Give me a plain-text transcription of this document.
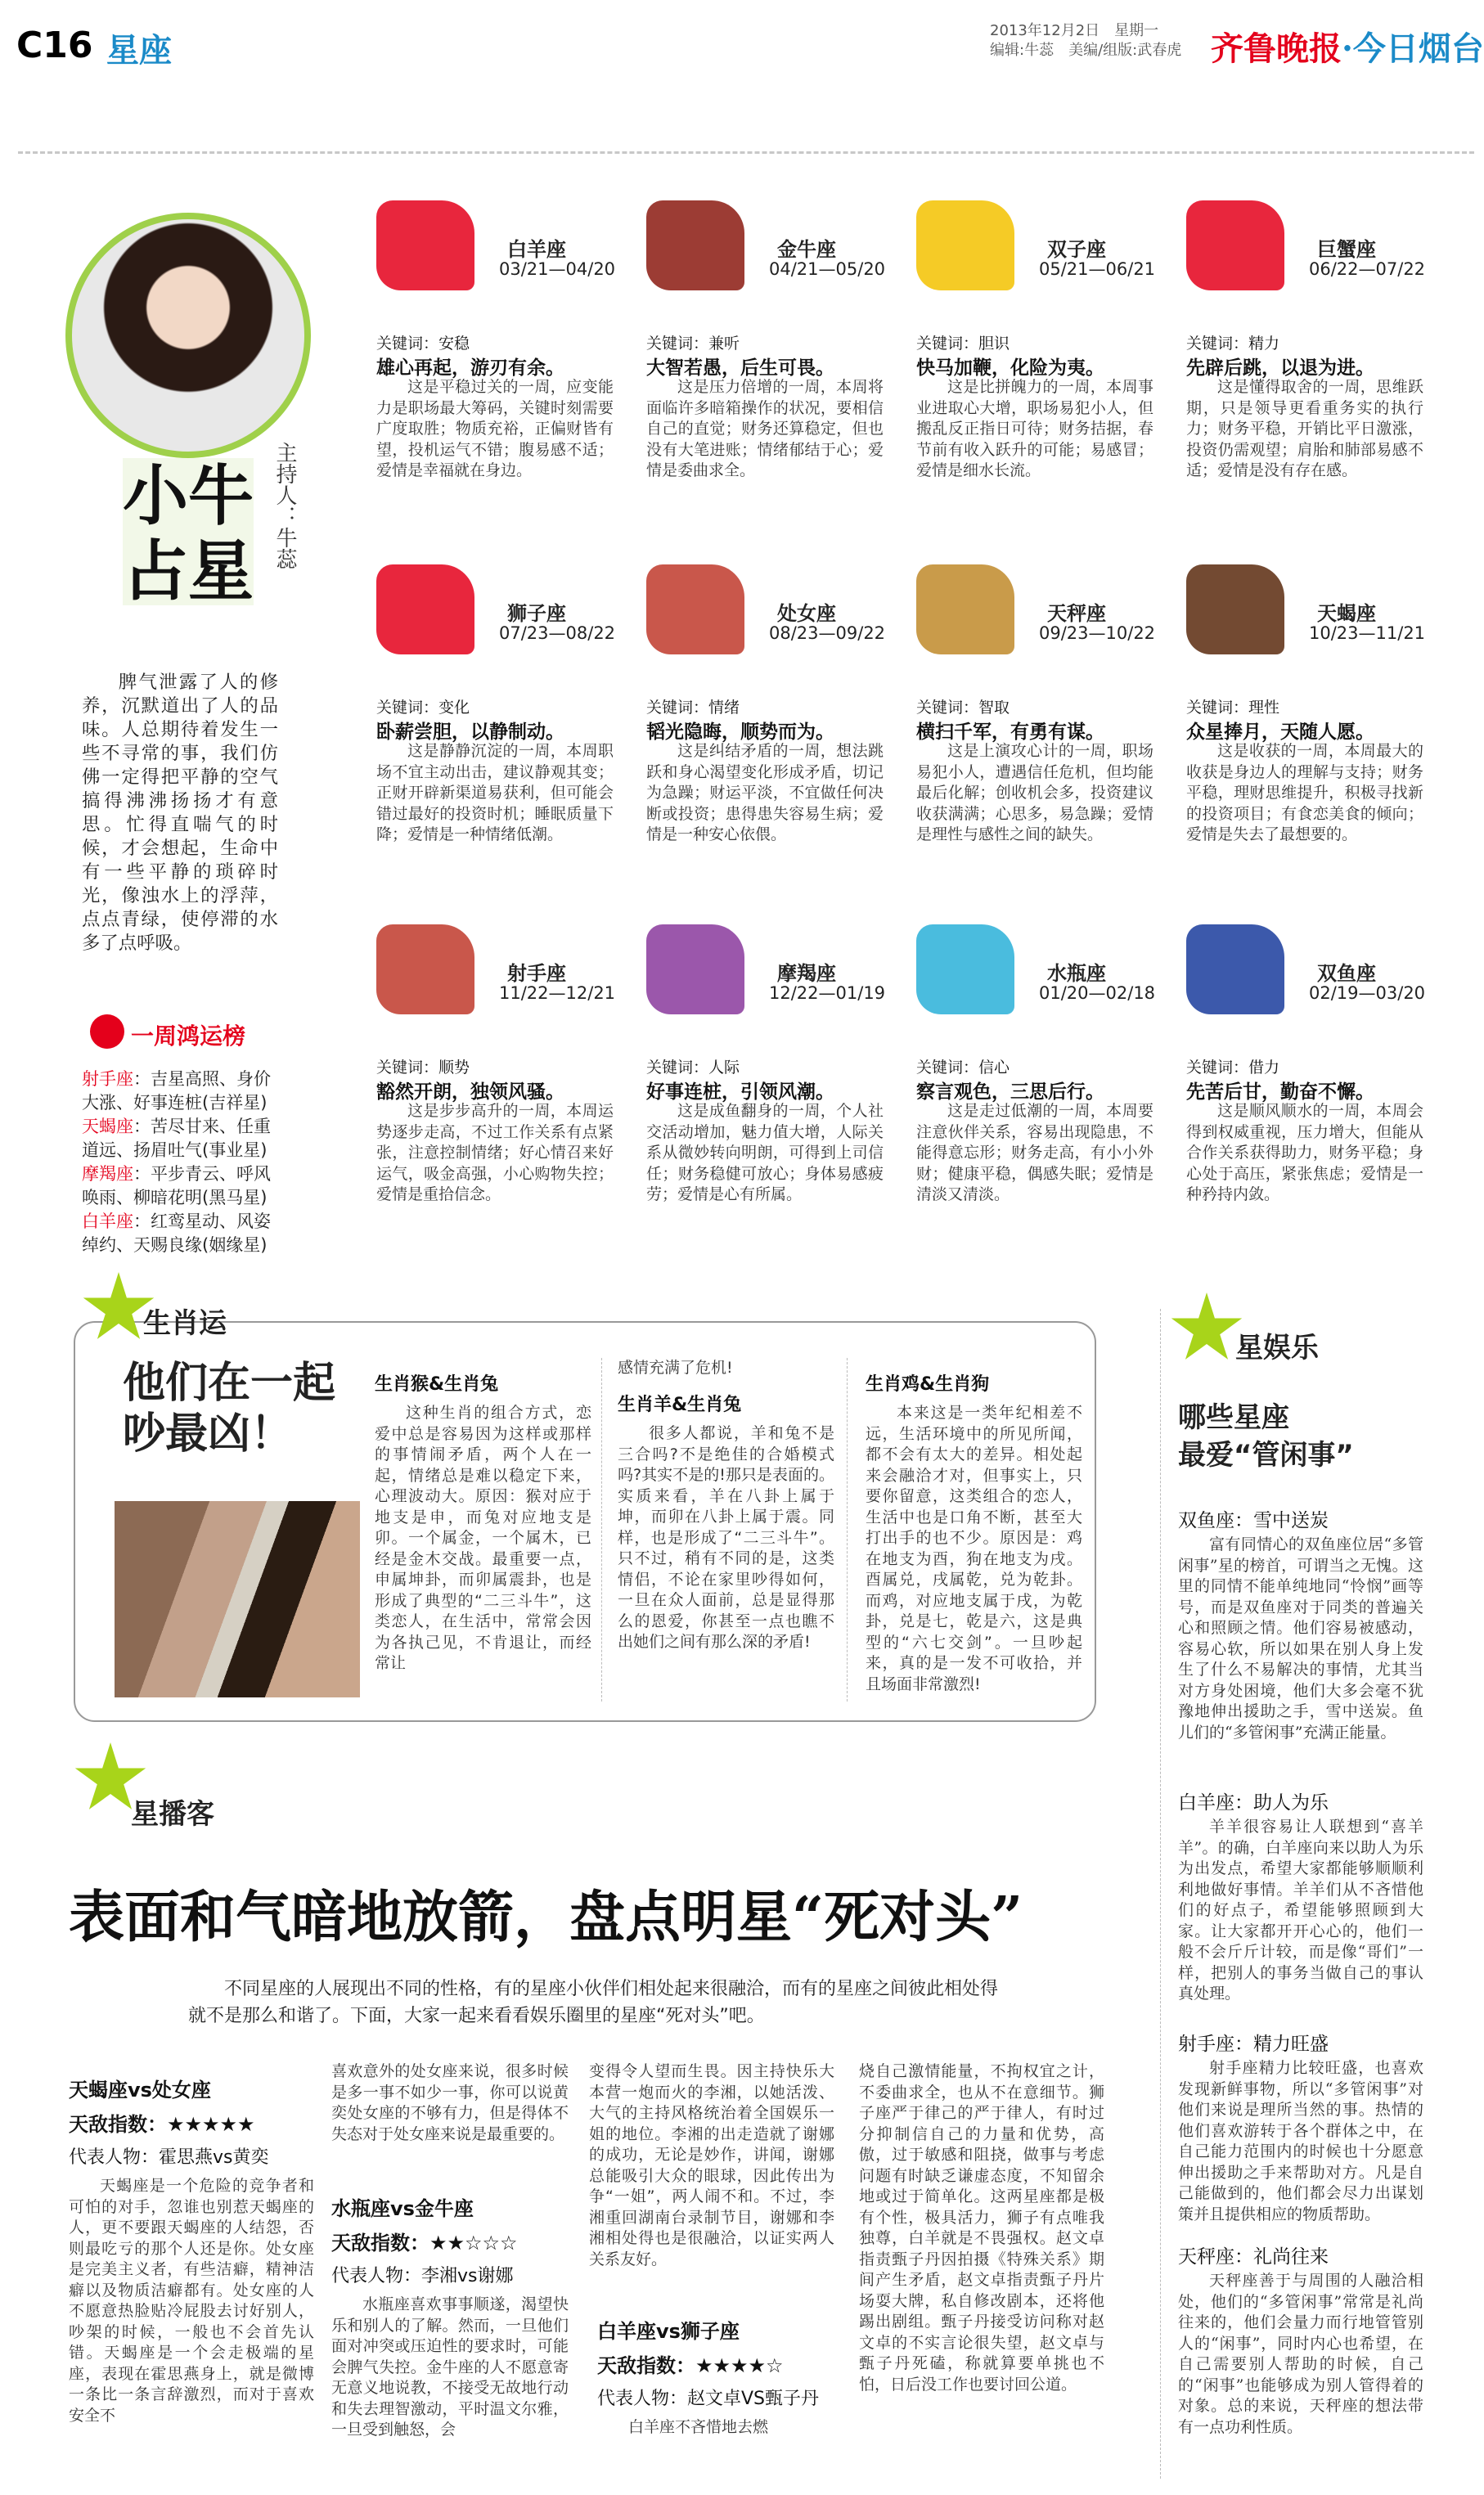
C16 星座
2013年12月2日　星期一
编辑:牛蕊　美编/组版:武春虎 齐鲁晚报·今日烟台
小牛
占星
主持人：牛蕊
脾气泄露了人的修养，沉默道出了人的品味。人总期待着发生一些不寻常的事，我们仿佛一定得把平静的空气搞得沸沸扬扬才有意思。忙得直喘气的时候，才会想起，生命中有一些平静的琐碎时光，像浊水上的浮萍，点点青绿，使停滞的水多了点呼吸。
一周鸿运榜
射手座：吉星高照、身价大涨、好事连桩(吉祥星)
天蝎座：苦尽甘来、任重道远、扬眉吐气(事业星)
摩羯座：平步青云、呼风唤雨、柳暗花明(黑马星)
白羊座：红鸾星动、风姿绰约、天赐良缘(姻缘星)
白羊座
03/21—04/20
关键词：安稳
雄心再起，游刃有余。
这是平稳过关的一周，应变能力是职场最大筹码，关键时刻需要广度取胜；物质充裕，正偏财皆有望，投机运气不错；腹易感不适；爱情是幸福就在身边。
金牛座
04/21—05/20
关键词：兼听
大智若愚，后生可畏。
这是压力倍增的一周，本周将面临许多暗箱操作的状况，要相信自己的直觉；财务还算稳定，但也没有大笔进账；情绪郁结于心；爱情是委曲求全。
双子座
05/21—06/21
关键词：胆识
快马加鞭，化险为夷。
这是比拼魄力的一周，本周事业进取心大增，职场易犯小人，但搬乱反正指日可待；财务拮据，春节前有收入跃升的可能；易感冒；爱情是细水长流。
巨蟹座
06/22—07/22
关键词：精力
先辟后跳，以退为进。
这是懂得取舍的一周，思维跃期，只是领导更看重务实的执行力；财务平稳，开销比平日激涨，投资仍需观望；肩胎和肺部易感不适；爱情是没有存在感。
狮子座
07/23—08/22
关键词：变化
卧薪尝胆，以静制动。
这是静静沉淀的一周，本周职场不宜主动出击，建议静观其变；正财开辟新渠道易获利，但可能会错过最好的投资时机；睡眠质量下降；爱情是一种情绪低潮。
处女座
08/23—09/22
关键词：情绪
韬光隐晦，顺势而为。
这是纠结矛盾的一周，想法跳跃和身心渴望变化形成矛盾，切记为急躁；财运平淡，不宜做任何决断或投资；患得患失容易生病；爱情是一种安心依偎。
天秤座
09/23—10/22
关键词：智取
横扫千军，有勇有谋。
这是上演攻心计的一周，职场易犯小人，遭遇信任危机，但均能最后化解；创收机会多，投资建议收获满满；心思多，易急躁；爱情是理性与感性之间的缺失。
天蝎座
10/23—11/21
关键词：理性
众星捧月，天随人愿。
这是收获的一周，本周最大的收获是身边人的理解与支持；财务平稳，理财思维提升，积极寻找新的投资项目；有食恋美食的倾向；爱情是失去了最想要的。
射手座
11/22—12/21
关键词：顺势
豁然开朗，独领风骚。
这是步步高升的一周，本周运势逐步走高，不过工作关系有点紧张，注意控制情绪；好心情召来好运气，吸金高强，小心购物失控；爱情是重拾信念。
摩羯座
12/22—01/19
关键词：人际
好事连桩，引领风潮。
这是成鱼翻身的一周，个人社交活动增加，魅力值大增，人际关系从微妙转向明朗，可得到上司信任；财务稳健可放心；身体易感疲劳；爱情是心有所属。
水瓶座
01/20—02/18
关键词：信心
察言观色，三思后行。
这是走过低潮的一周，本周要注意伙伴关系，容易出现隐患，不能得意忘形；财务走高，有小小外财；健康平稳，偶感失眠；爱情是清淡又清淡。
双鱼座
02/19—03/20
关键词：借力
先苦后甘，勤奋不懈。
这是顺风顺水的一周，本周会得到权威重视，压力增大，但能从合作关系获得助力，财务平稳；身心处于高压，紧张焦虑；爱情是一种矜持内敛。
生肖运
他们在一起
吵最凶！
生肖猴&生肖兔
这种生肖的组合方式，恋爱中总是容易因为这样或那样的事情闹矛盾，两个人在一起，情绪总是难以稳定下来，心理波动大。原因：猴对应于地支是申，而兔对应地支是卯。一个属金，一个属木，已经是金木交战。最重要一点，申属坤卦，而卯属震卦，也是形成了典型的“二三斗牛”，这类恋人，在生活中，常常会因为各执己见，不肯退让，而经常让
感情充满了危机!
生肖羊&生肖兔
很多人都说，羊和兔不是三合吗?不是绝佳的合婚模式吗?其实不是的!那只是表面的。实质来看，羊在八卦上属于坤，而卯在八卦上属于震。同样，也是形成了“二三斗牛”。只不过，稍有不同的是，这类情侣，不论在家里吵得如何，一旦在众人面前，总是显得那么的恩爱，你甚至一点也瞧不出她们之间有那么深的矛盾!
生肖鸡&生肖狗
本来这是一类年纪相差不远，生活环境中的所见所闻，都不会有太大的差异。相处起来会融洽才对，但事实上，只要你留意，这类组合的恋人，生活中也是口角不断，甚至大打出手的也不少。原因是：鸡在地支为酉，狗在地支为戌。酉属兑，戌属乾，兑为乾卦。而鸡，对应地支属于戌，为乾卦，兑是七，乾是六，这是典型的“六七交剑”。一旦吵起来，真的是一发不可收拾，并且场面非常激烈!
星娱乐
哪些星座
最爱“管闲事”
双鱼座：雪中送炭
富有同情心的双鱼座位居“多管闲事”星的榜首，可谓当之无愧。这里的同情不能单纯地同“怜悯”画等号，而是双鱼座对于同类的普遍关心和照顾之情。他们容易被感动，容易心软，所以如果在别人身上发生了什么不易解决的事情，尤其当对方身处困境，他们大多会毫不犹豫地伸出援助之手，雪中送炭。鱼儿们的“多管闲事”充满正能量。
白羊座：助人为乐
羊羊很容易让人联想到“喜羊羊”。的确，白羊座向来以助人为乐为出发点，希望大家都能够顺顺利利地做好事情。羊羊们从不吝惜他们的好点子，希望能够照顾到大家。让大家都开开心心的，他们一般不会斤斤计较，而是像“哥们”一样，把别人的事务当做自己的事认真处理。
射手座：精力旺盛
射手座精力比较旺盛，也喜欢发现新鲜事物，所以“多管闲事”对他们来说是理所当然的事。热情的他们喜欢游转于各个群体之中，在自己能力范围内的时候也十分愿意伸出援助之手来帮助对方。凡是自己能做到的，他们都会尽力出谋划策并且提供相应的物质帮助。
天秤座：礼尚往来
天秤座善于与周围的人融洽相处，他们的“多管闲事”常常是礼尚往来的，他们会量力而行地管管别人的“闲事”，同时内心也希望，在自己需要别人帮助的时候，自己的“闲事”也能够成为别人管得着的对象。总的来说，天秤座的想法带有一点功利性质。
星播客
表面和气暗地放箭，盘点明星“死对头”
不同星座的人展现出不同的性格，有的星座小伙伴们相处起来很融洽，而有的星座之间彼此相处得就不是那么和谐了。下面，大家一起来看看娱乐圈里的星座“死对头”吧。
天蝎座vs处女座
天敌指数：★★★★★
代表人物：霍思燕vs黄奕
天蝎座是一个危险的竞争者和可怕的对手，忽谁也别惹天蝎座的人，更不要跟天蝎座的人结怨，否则最吃亏的那个人还是你。处女座是完美主义者，有些洁癖，精神洁癖以及物质洁癖都有。处女座的人不愿意热脸贴冷屁股去讨好别人，吵架的时候，一般也不会首先认错。天蝎座是一个会走极端的星座，表现在霍思燕身上，就是微博一条比一条言辞激烈，而对于喜欢安全不
喜欢意外的处女座来说，很多时候是多一事不如少一事，你可以说黄奕处女座的不够有力，但是得体不失态对于处女座来说是最重要的。
水瓶座vs金牛座
天敌指数：★★☆☆☆
代表人物：李湘vs谢娜
水瓶座喜欢事事顺遂，渴望快乐和别人的了解。然而，一旦他们面对冲突或压迫性的要求时，可能会脾气失控。金牛座的人不愿意寄无意义地说教，不接受无故地行动和失去理智激动，平时温文尔雅，一旦受到触怒，会
变得令人望而生畏。因主持快乐大本营一炮而火的李湘，以她活泼、大气的主持风格统治着全国娱乐一姐的地位。李湘的出走造就了谢娜的成功，无论是妙作，讲闻，谢娜总能吸引大众的眼球，因此传出为争“一姐”，两人闹不和。不过，李湘重回湖南台录制节目，谢娜和李湘相处得也是很融洽，以证实两人关系友好。
白羊座vs狮子座
天敌指数：★★★★☆
代表人物：赵文卓VS甄子丹
白羊座不吝惜地去燃
烧自己激情能量，不拘权宜之计，不委曲求全，也从不在意细节。狮子座严于律己的严于律人，有时过分抑制信自己的力量和优势，高傲，过于敏感和阻挠，做事与考虑问题有时缺乏谦虚态度，不知留余地或过于简单化。这两星座都是极有个性，极具活力，狮子有点唯我独尊，白羊就是不畏强权。赵文卓指责甄子丹因拍摄《特殊关系》期间产生矛盾，赵文卓指责甄子丹片场耍大牌，私自修改剧本，还将他踢出剧组。甄子丹接受访问称对赵文卓的不实言论很失望，赵文卓与甄子丹死磕，称就算要单挑也不怕，日后没工作也要讨回公道。
